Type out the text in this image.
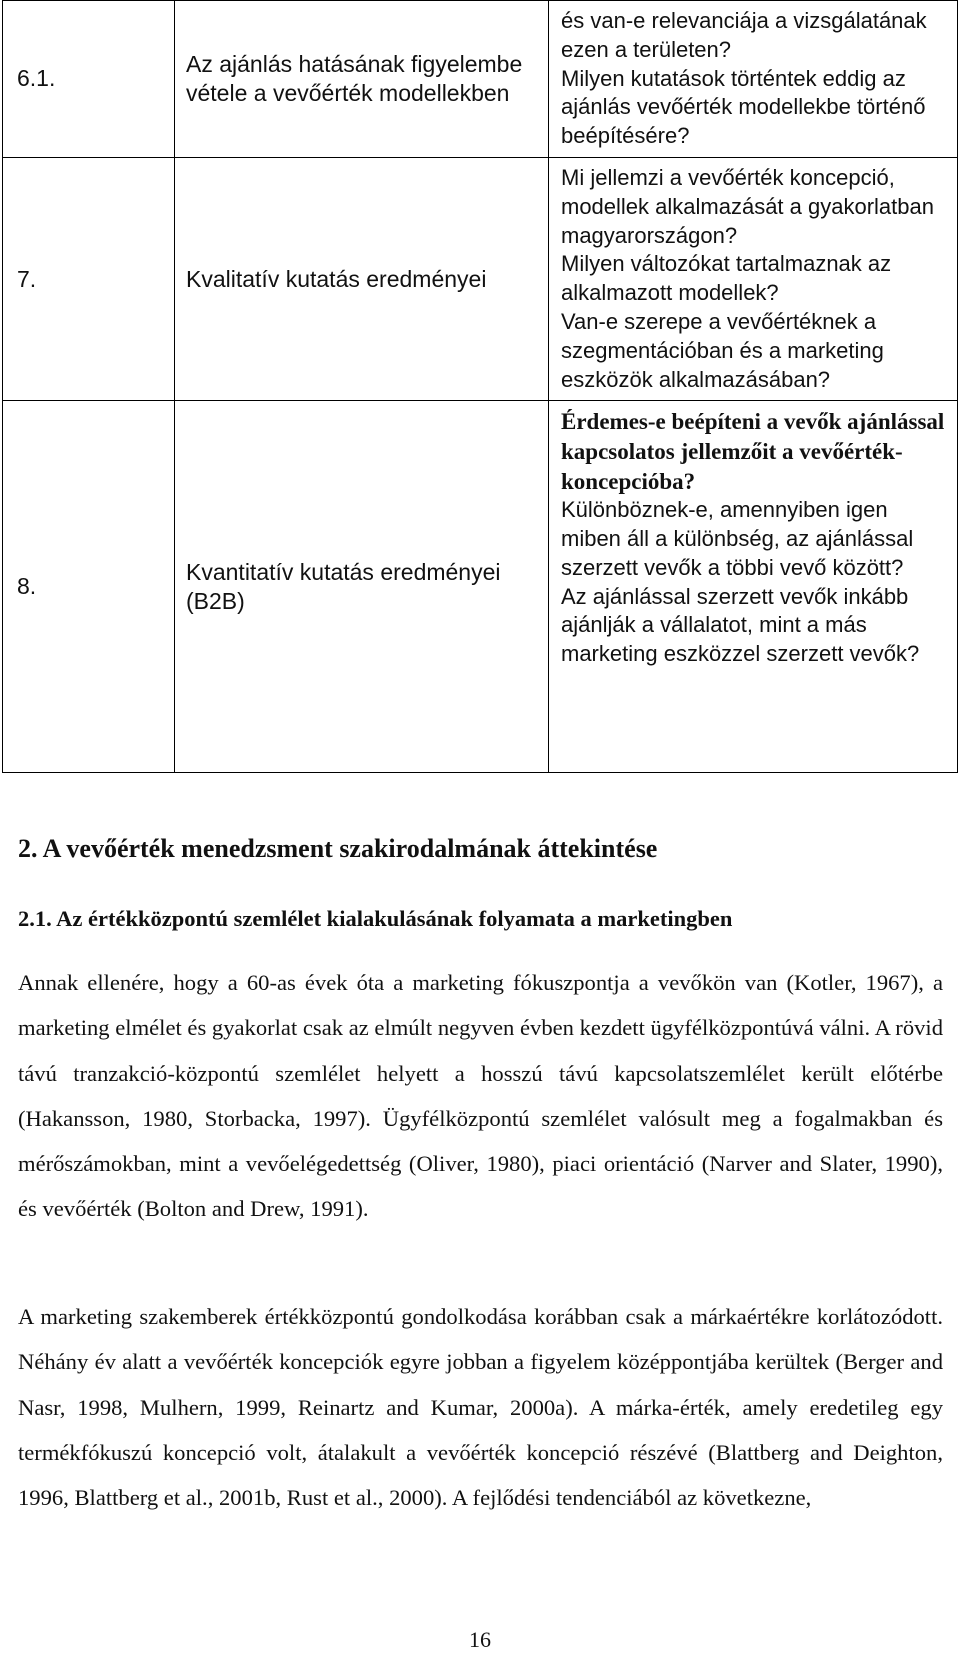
6.1.	Az ajánlás hatásának figyelembe vétele a vevőérték modellekben	és van-e relevanciája a vizsgálatának ezen a területen?
Milyen kutatások történtek eddig az ajánlás vevőérték modellekbe történő beépítésére?

7.	Kvalitatív kutatás eredményei	Mi jellemzi a vevőérték koncepció, modellek alkalmazását a gyakorlatban magyarországon?
Milyen változókat tartalmaznak az alkalmazott modellek?
Van-e szerepe a vevőértéknek a szegmentációban és a marketing eszközök alkalmazásában?

8.	Kvantitatív kutatás eredményei (B2B)	Érdemes-e beépíteni a vevők ajánlással kapcsolatos jellemzőit a vevőérték-koncepcióba?
Különböznek-e, amennyiben igen miben áll a különbség, az ajánlással szerzett vevők a többi vevő között?
Az ajánlással szerzett vevők inkább ajánlják a vállalatot, mint a más marketing eszközzel szerzett vevők?
2. A vevőérték menedzsment szakirodalmának áttekintése
2.1. Az értékközpontú szemlélet kialakulásának folyamata a marketingben

Annak ellenére, hogy a 60-as évek óta a marketing fókuszpontja a vevőkön van (Kotler, 1967), a marketing elmélet és gyakorlat csak az elmúlt negyven évben kezdett ügyfélközpontúvá válni. A rövid távú tranzakció-központú szemlélet helyett a hosszú távú kapcsolatszemlélet került előtérbe (Hakansson, 1980, Storbacka, 1997). Ügyfélközpontú szemlélet valósult meg a fogalmakban és mérőszámokban, mint a vevőelégedettség (Oliver, 1980), piaci orientáció (Narver and Slater, 1990), és vevőérték (Bolton and Drew, 1991).

A marketing szakemberek értékközpontú gondolkodása korábban csak a márkaértékre korlátozódott. Néhány év alatt a vevőérték koncepciók egyre jobban a figyelem középpontjába kerültek (Berger and Nasr, 1998, Mulhern, 1999, Reinartz and Kumar, 2000a). A márka-érték, amely eredetileg egy termékfókuszú koncepció volt, átalakult a vevőérték koncepció részévé (Blattberg and Deighton, 1996, Blattberg et al., 2001b, Rust et al., 2000). A fejlődési tendenciából az következne,

16
